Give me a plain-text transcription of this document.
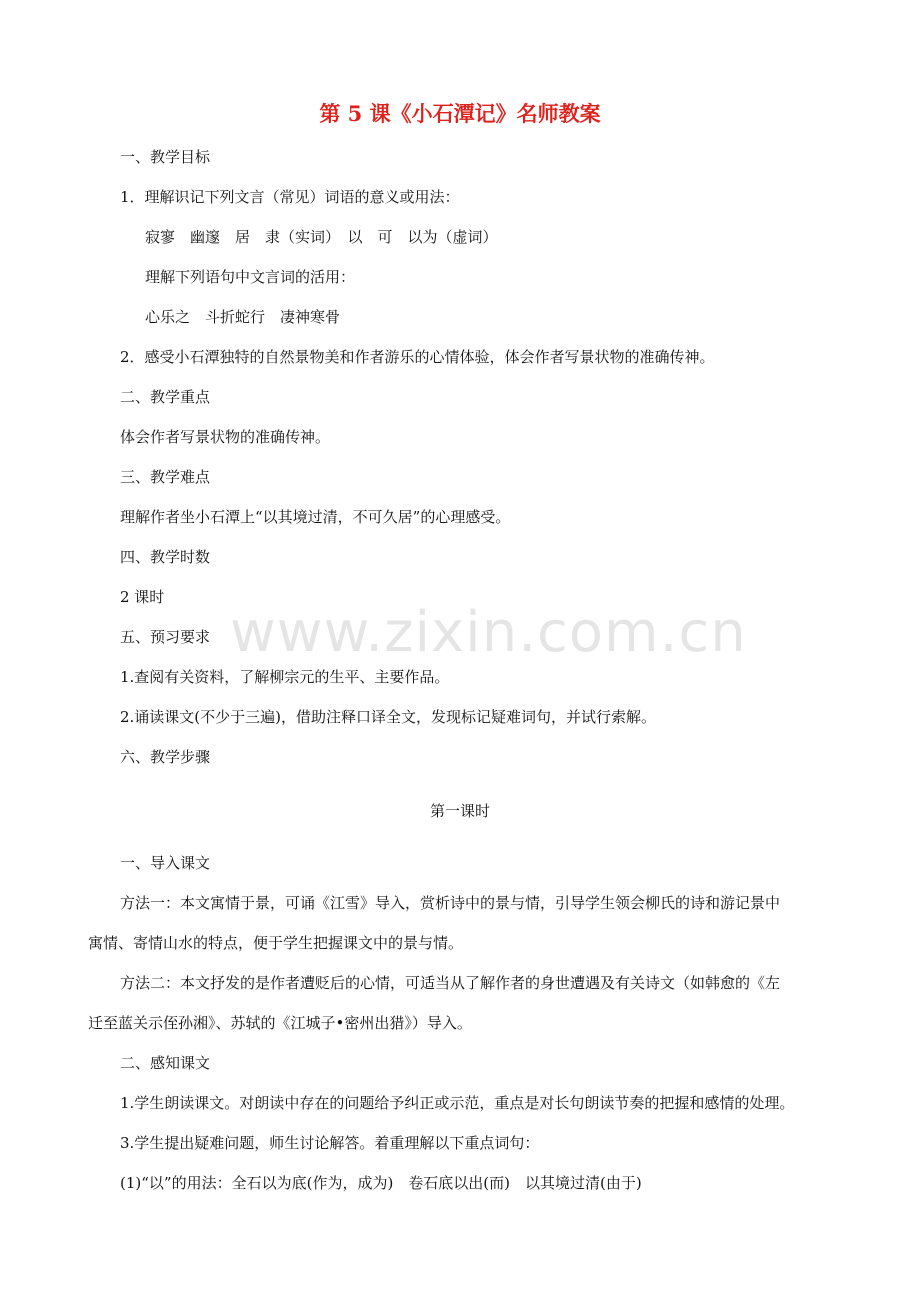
第 5 课《小石潭记》名师教案
www.zixin.com.cn
一、教学目标
1．理解识记下列文言（常见）词语的意义或用法：
寂寥　幽邃　居　隶（实词）　以　可　以为（虚词）
理解下列语句中文言词的活用：
心乐之　斗折蛇行　凄神寒骨
2．感受小石潭独特的自然景物美和作者游乐的心情体验，体会作者写景状物的准确传神。
二、教学重点
体会作者写景状物的准确传神。
三、教学难点
理解作者坐小石潭上“以其境过清，不可久居”的心理感受。
四、教学时数
2 课时
五、预习要求
1.查阅有关资料，了解柳宗元的生平、主要作品。
2.诵读课文(不少于三遍)，借助注释口译全文，发现标记疑难词句，并试行索解。
六、教学步骤
第一课时
一、导入课文
方法一：本文寓情于景，可诵《江雪》导入，赏析诗中的景与情，引导学生领会柳氏的诗和游记景中
寓情、寄情山水的特点，便于学生把握课文中的景与情。
方法二：本文抒发的是作者遭贬后的心情，可适当从了解作者的身世遭遇及有关诗文（如韩愈的《左
迁至蓝关示侄孙湘》、苏轼的《江城子•密州出猎》）导入。
二、感知课文
1.学生朗读课文。对朗读中存在的问题给予纠正或示范，重点是对长句朗读节奏的把握和感情的处理。
3.学生提出疑难问题，师生讨论解答。着重理解以下重点词句：
(1)“以”的用法：全石以为底(作为，成为)　卷石底以出(而)　以其境过清(由于)
